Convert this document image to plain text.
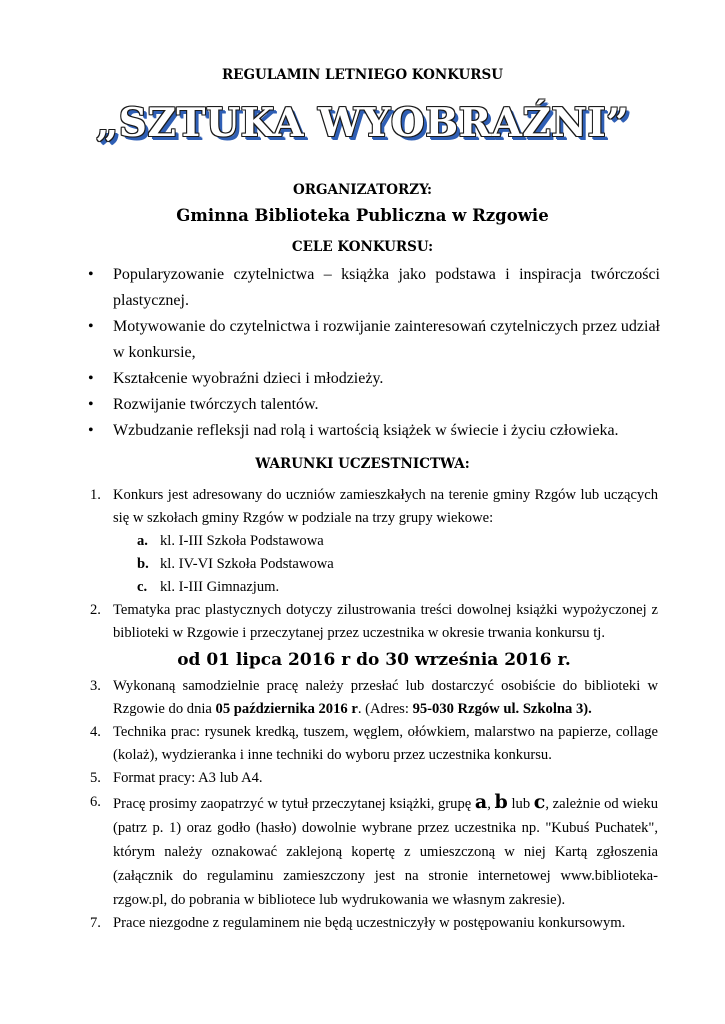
REGULAMIN LETNIEGO KONKURSU
„SZTUKA WYOBRAŹNI”
ORGANIZATORZY:
Gminna Biblioteka Publiczna w Rzgowie
CELE KONKURSU:
• Popularyzowanie czytelnictwa – książka jako podstawa i inspiracja twórczości plastycznej.
• Motywowanie do czytelnictwa i rozwijanie zainteresowań czytelniczych przez udział w konkursie,
• Kształcenie wyobraźni dzieci i młodzieży.
• Rozwijanie twórczych talentów.
• Wzbudzanie refleksji nad rolą i wartością książek w świecie i życiu człowieka.
WARUNKI UCZESTNICTWA:
1. Konkurs jest adresowany do uczniów zamieszkałych na terenie gminy Rzgów lub uczących się w szkołach gminy Rzgów w podziale na trzy grupy wiekowe:
a. kl. I-III Szkoła Podstawowa
b. kl. IV-VI Szkoła Podstawowa
c. kl. I-III Gimnazjum.
2. Tematyka prac plastycznych dotyczy zilustrowania treści dowolnej książki wypożyczonej z biblioteki w Rzgowie i przeczytanej przez uczestnika w okresie trwania konkursu tj.
od 01 lipca 2016 r do 30 września 2016 r.
3. Wykonaną samodzielnie pracę należy przesłać lub dostarczyć osobiście do biblioteki w Rzgowie do dnia 05 października 2016 r. (Adres: 95-030 Rzgów ul. Szkolna 3).
4. Technika prac: rysunek kredką, tuszem, węglem, ołówkiem, malarstwo na papierze, collage (kolaż), wydzieranka i inne techniki do wyboru przez uczestnika konkursu.
5. Format pracy: A3 lub A4.
6. Pracę prosimy zaopatrzyć w tytuł przeczytanej książki, grupę a, b lub c, zależnie od wieku (patrz p. 1) oraz godło (hasło) dowolnie wybrane przez uczestnika np. "Kubuś Puchatek", którym należy oznakować zaklejoną kopertę z umieszczoną w niej Kartą zgłoszenia (załącznik do regulaminu zamieszczony jest na stronie internetowej www.biblioteka-rzgow.pl, do pobrania w bibliotece lub wydrukowania we własnym zakresie).
7. Prace niezgodne z regulaminem nie będą uczestniczyły w postępowaniu konkursowym.
